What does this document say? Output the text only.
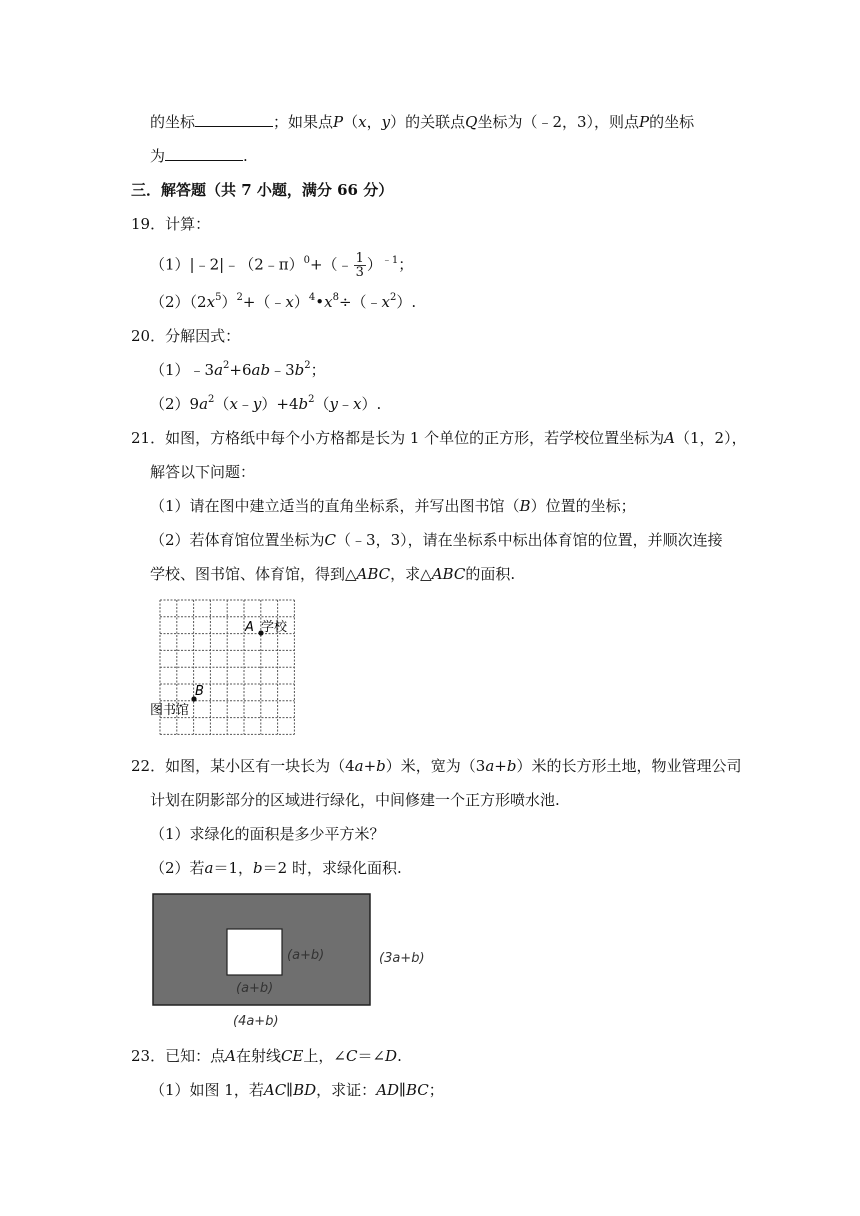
的坐标	；如果点P（x，y）的关联点Q坐标为（﹣2，3），则点P的坐标
为	.
三．解答题（共 7 小题，满分 66 分）
19．计算：
（1）|﹣2|﹣（2﹣π）$^0$+（﹣ $\frac{1}{3} )^{﹣1}$；
$(2)(2x^5)^2+(﹣x)^4•x^8\div(﹣x^2)$.
20．分解因式：
$(1)﹣3a^2+6ab﹣3b^2$；
$(2)9a^2(x﹣y)+4b^2(y﹣x)$.
21．如图，方格纸中每个小方格都是长为 1 个单位的正方形，若学校位置坐标为A（1，2），
解答以下问题：
（1）请在图中建立适当的直角坐标系，并写出图书馆（B）位置的坐标；
（2）若体育馆位置坐标为C（﹣3，3），请在坐标系中标出体育馆的位置，并顺次连接
学校、图书馆、体育馆，得到△ABC，求△ABC的面积.
A 学校
B
图书馆
22．如图，某小区有一块长为（4a+b）米，宽为（3a+b）米的长方形土地，物业管理公司
计划在阴影部分的区域进行绿化，中间修建一个正方形喷水池.
（1）求绿化的面积是多少平方米？
（2）若a＝1，b＝2 时，求绿化面积.
(a+b)
(a+b)
(3a+b)
(4a+b)
23．已知：点A在射线CE上，∠C＝∠D.
（1）如图 1，若AC∥BD，求证：AD∥BC；
